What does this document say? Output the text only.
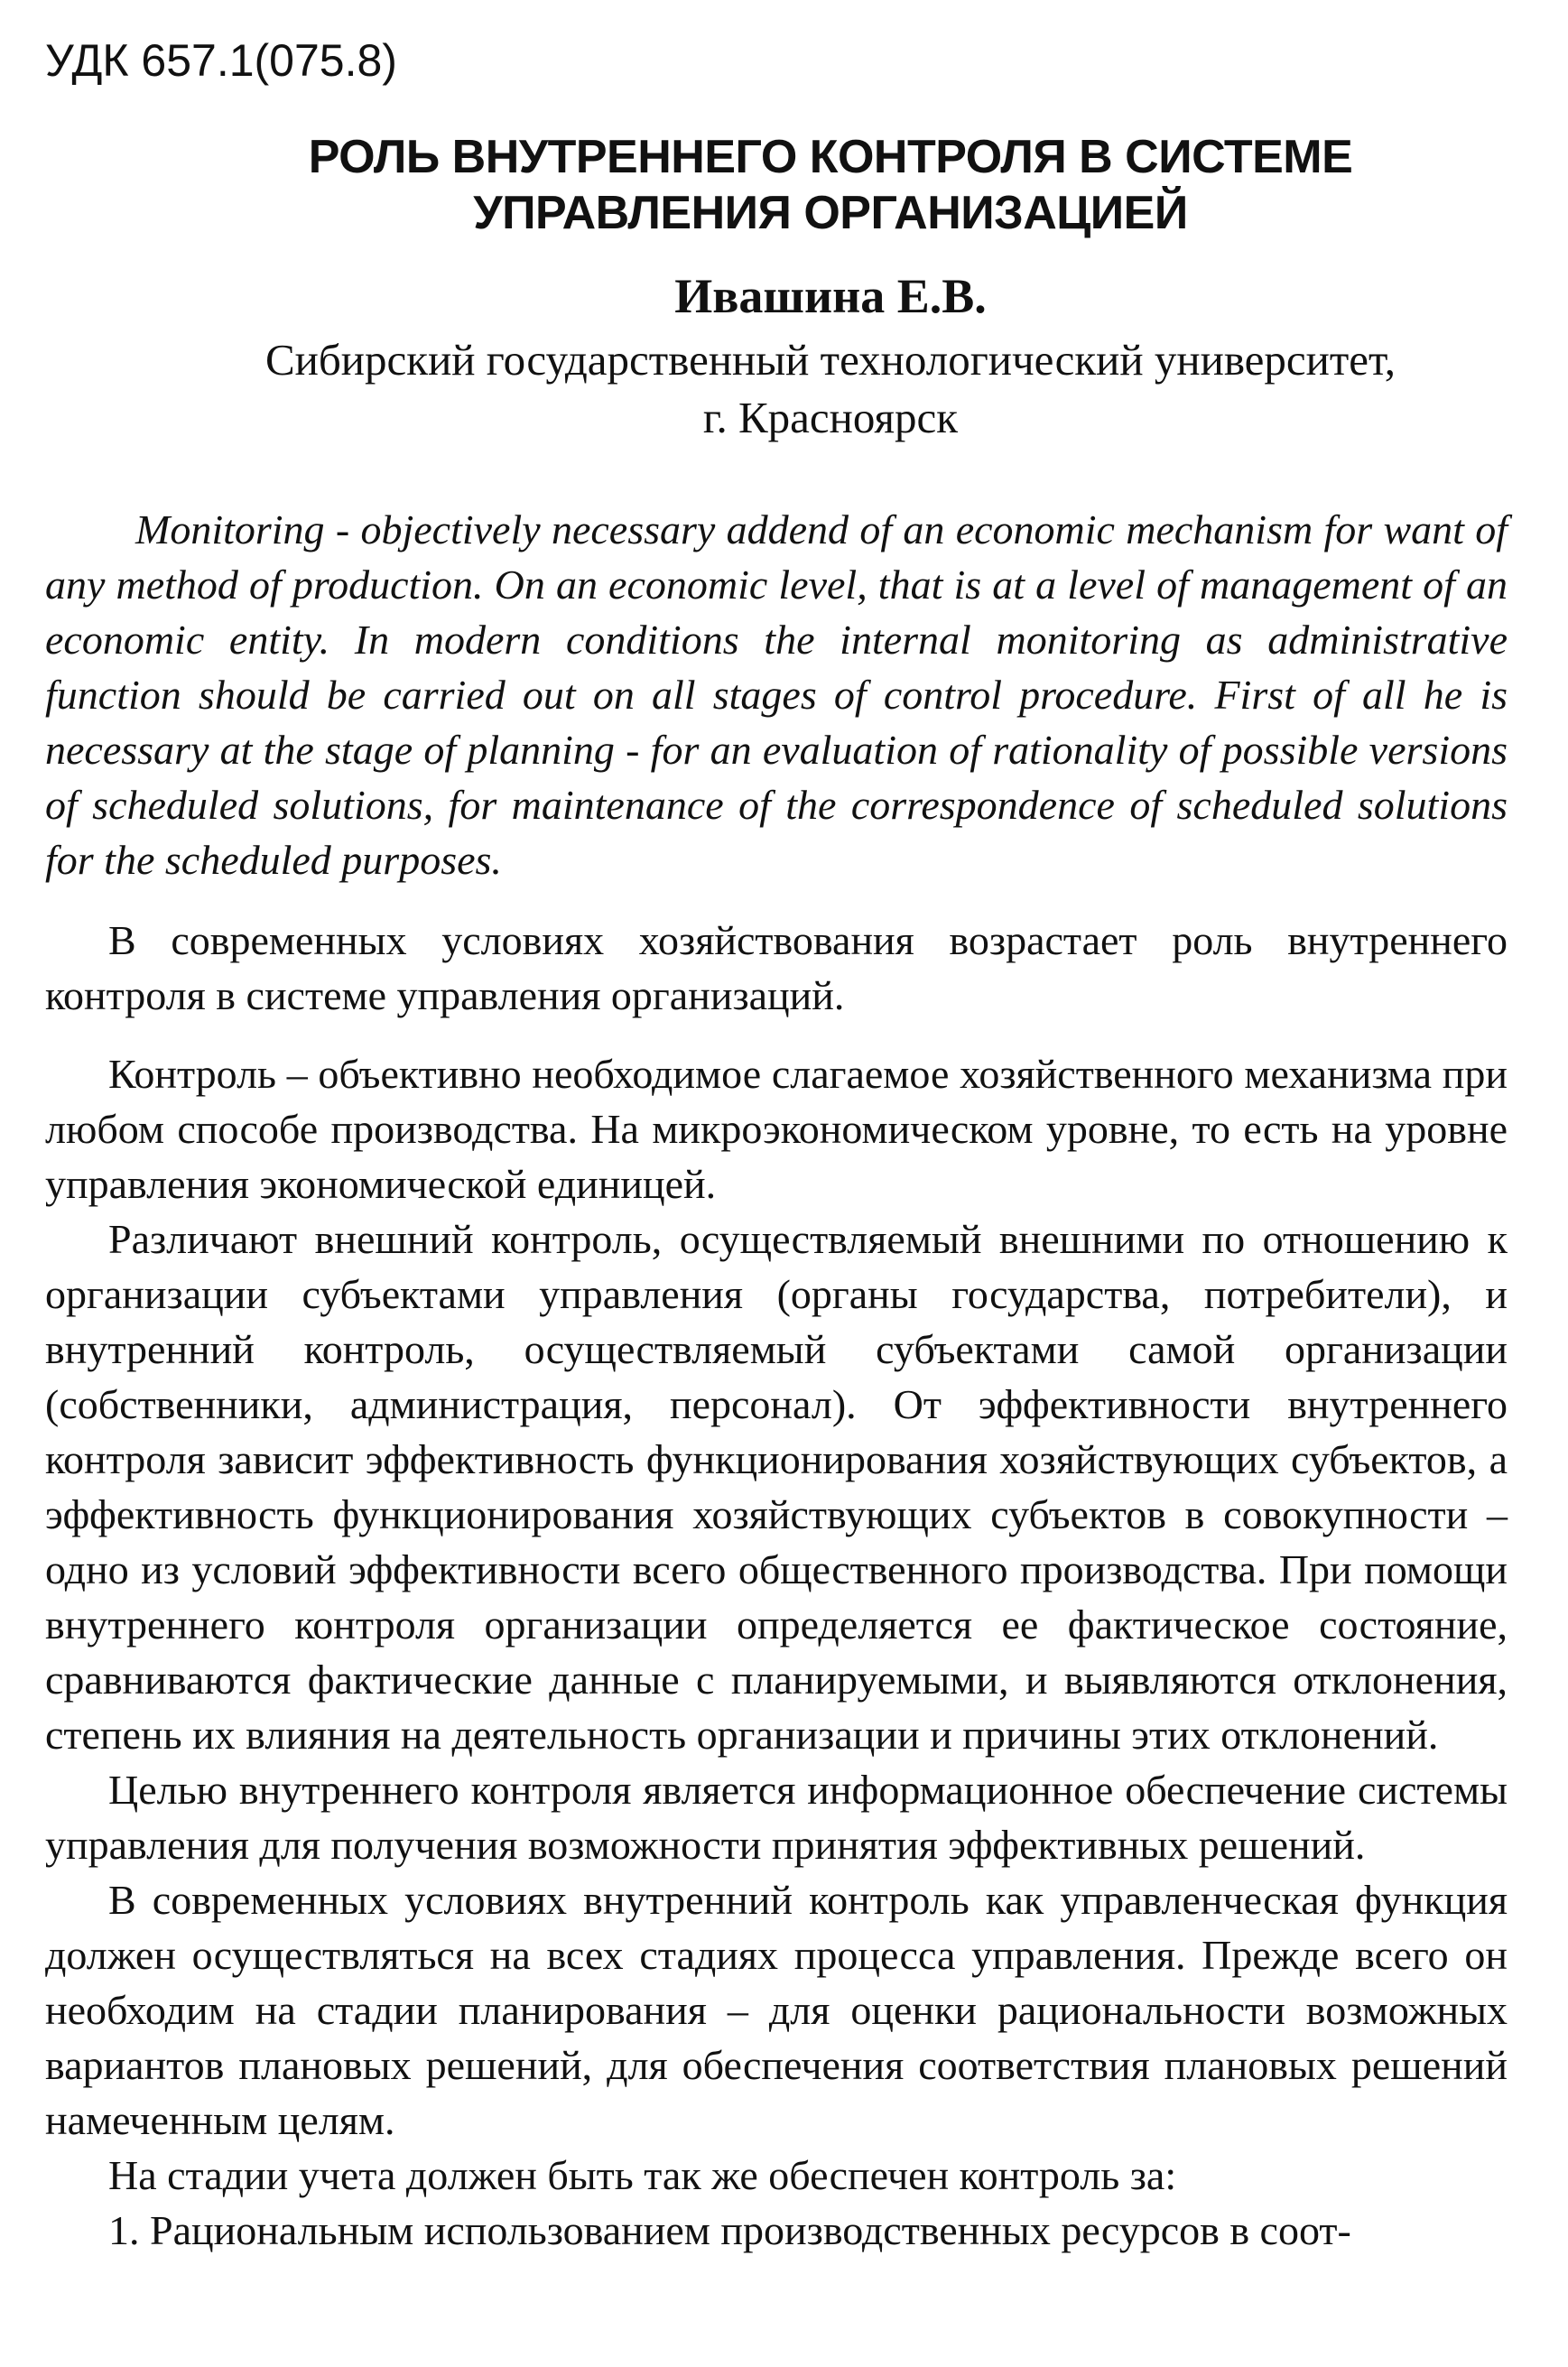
УДК 657.1(075.8)
РОЛЬ ВНУТРЕННЕГО КОНТРОЛЯ В СИСТЕМЕ
УПРАВЛЕНИЯ ОРГАНИЗАЦИЕЙ
Ивашина Е.В.
Сибирский государственный технологический университет,
г. Красноярск

Monitoring - objectively necessary addend of an economic mechanism for want of any method of production. On an economic level, that is at a level of management of an economic entity. In modern conditions the internal monitoring as administrative function should be carried out on all stages of control procedure. First of all he is necessary at the stage of planning - for an evaluation of rationality of possible versions of scheduled solutions, for maintenance of the correspondence of scheduled solutions for the scheduled purposes.

В современных условиях хозяйствования возрастает роль внутреннего контроля в системе управления организаций.

Контроль – объективно необходимое слагаемое хозяйственного механизма при любом способе производства. На микроэкономическом уровне, то есть на уровне управления экономической единицей.

Различают внешний контроль, осуществляемый внешними по отношению к организации субъектами управления (органы государства, потребители), и внутренний контроль, осуществляемый субъектами самой организации (собственники, администрация, персонал). От эффективности внутреннего контроля зависит эффективность функционирования хозяйствующих субъектов, а эффективность функционирования хозяйствующих субъектов в совокупности – одно из условий эффективности всего общественного производства. При помощи внутреннего контроля организации определяется ее фактическое состояние, сравниваются фактические данные с планируемыми, и выявляются отклонения, степень их влияния на деятельность организации и причины этих отклонений.

Целью внутреннего контроля является информационное обеспечение системы управления для получения возможности принятия эффективных решений.

В современных условиях внутренний контроль как управленческая функция должен осуществляться на всех стадиях процесса управления. Прежде всего он необходим на стадии планирования – для оценки рациональности возможных вариантов плановых решений, для обеспечения соответствия плановых решений намеченным целям.

На стадии учета должен быть так же обеспечен контроль за:

1. Рациональным использованием производственных ресурсов в соот-
